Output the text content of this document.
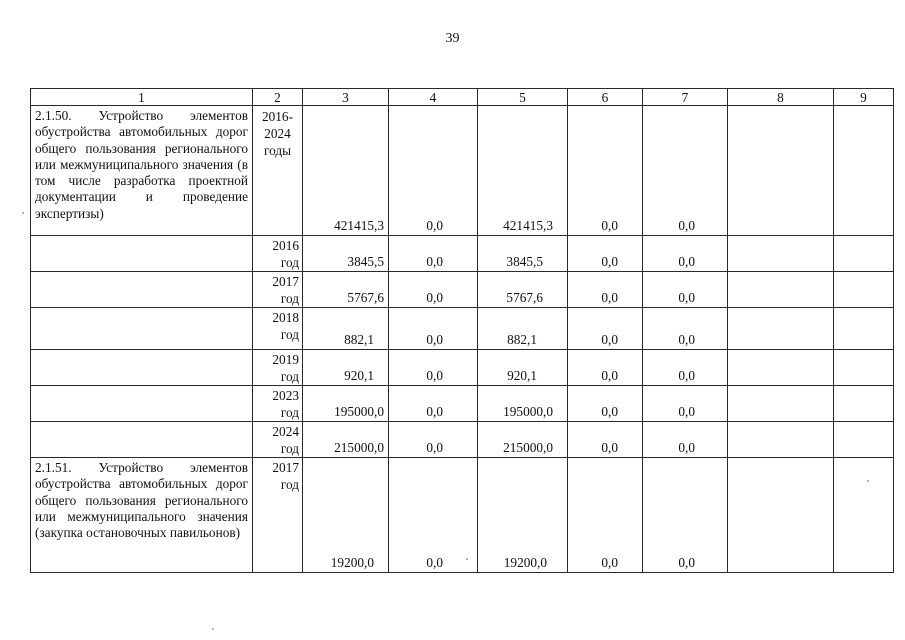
39
1	2	3	4	5	6	7	8	9
2.1.50. Устройство элементов обустройства автомобильных дорог общего пользования регионального или межмуниципального значения (в том числе разработка проектной документации и проведение экспертизы)	2016-
2024
годы	421415,3	0,0	421415,3	0,0	0,0		

	2016
год	3845,5	0,0	3845,5	0,0	0,0		

	2017
год	5767,6	0,0	5767,6	0,0	0,0		

	2018
год	882,1	0,0	882,1	0,0	0,0		

	2019
год	920,1	0,0	920,1	0,0	0,0		

	2023
год	195000,0	0,0	195000,0	0,0	0,0		

	2024
год	215000,0	0,0	215000,0	0,0	0,0		
2.1.51. Устройство элементов обустройства автомобильных дорог общего пользования регионального или межмуниципального значения (закупка остановочных павильонов)	2017
год	19200,0	0,0	19200,0	0,0	0,0		
